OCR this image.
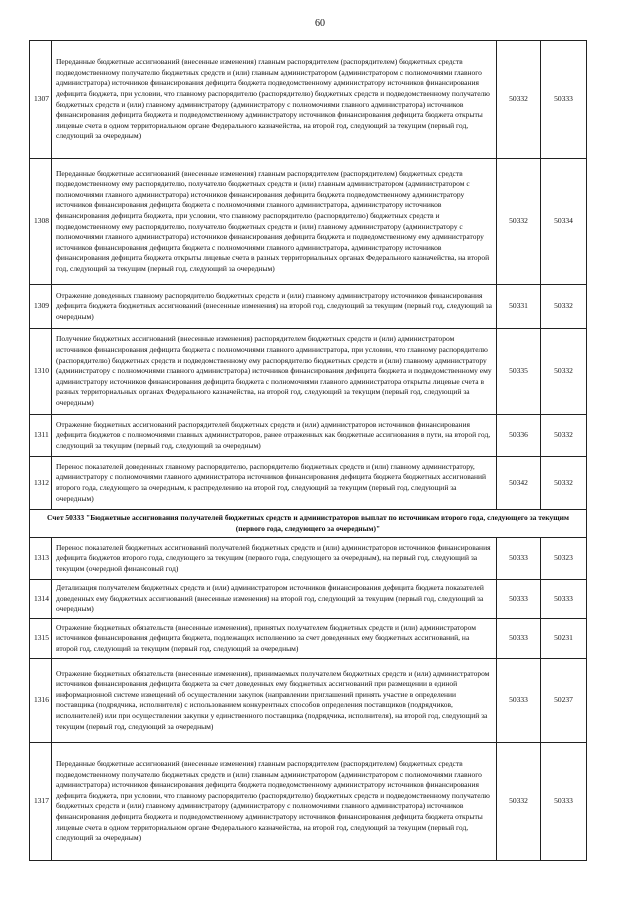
60
1307	Переданные бюджетные ассигнований (внесенные изменения) главным распорядителем (распорядителем) бюджетных средств подведомственному получателю бюджетных средств и (или) главным администратором (администратором с полномочиями главного администратора) источников финансирования дефицита бюджета подведомственному администратору источников финансирования дефицита бюджета, при условии, что главному распорядителю (распорядителю) бюджетных средств и подведомственному получателю бюджетных средств и (или) главному администратору (администратору с полномочиями главного администратора) источников финансирования дефицита бюджета и подведомственному администратору источников финансирования дефицита бюджета открыты лицевые счета в одном территориальном органе Федерального казначейства, на второй год, следующий за текущим (первый год, следующий за очередным)	50332	50333
1308	Переданные бюджетные ассигнований (внесенные изменения) главным распорядителем (распорядителем) бюджетных средств подведомственному ему распорядителю, получателю бюджетных средств и (или) главным администратором (администратором с полномочиями главного администратора) источников финансирования дефицита бюджета подведомственному администратору источников финансирования дефицита бюджета с полномочиями главного администратора, администратору источников финансирования дефицита бюджета, при условии, что главному распорядителю (распорядителю) бюджетных средств и подведомственному ему распорядителю, получателю бюджетных средств и (или) главному администратору (администратору с полномочиями главного администратора) источников финансирования дефицита бюджета и подведомственному ему администратору источников финансирования дефицита бюджета с полномочиями главного администратора, администратору источников финансирования дефицита бюджета открыты лицевые счета в разных территориальных органах Федерального казначейства, на второй год, следующий за текущим (первый год, следующий за очередным)	50332	50334
1309	Отражение доведенных главному распорядителю бюджетных средств и (или) главному администратору источников финансирования дефицита бюджета бюджетных ассигнований (внесенные изменения) на второй год, следующий за текущим (первый год, следующий за очередным)	50331	50332
1310	Получение бюджетных ассигнований (внесенные изменения) распорядителем бюджетных средств и (или) администратором источников финансирования дефицита бюджета с полномочиями главного администратора, при условии, что главному распорядителю (распорядителю) бюджетных средств и подведомственному ему распорядителю бюджетных средств и (или) главному администратору (администратору с полномочиями главного администратора) источников финансирования дефицита бюджета и подведомственному ему администратору источников финансирования дефицита бюджета с полномочиями главного администратора открыты лицевые счета в разных территориальных органах Федерального казначейства, на второй год, следующий за текущим (первый год, следующий за очередным)	50335	50332
1311	Отражение бюджетных ассигнований распорядителей бюджетных средств и (или) администраторов источников финансирования дефицита бюджетов с полномочиями главных администраторов, ранее отраженных как бюджетные ассигнования в пути, на второй год, следующий за текущим (первый год, следующий за очередным)	50336	50332
1312	Перенос показателей доведенных главному распорядителю, распорядителю бюджетных средств и (или) главному администратору, администратору с полномочиями главного администратора источников финансирования дефицита бюджета бюджетных ассигнований второго года, следующего за очередным, к распределению на второй год, следующий за текущим (первый год, следующий за очередным)	50342	50332
Счет 50333 "Бюджетные ассигнования получателей бюджетных средств и администраторов выплат по источникам второго года, следующего за текущим (первого года, следующего за очередным)"			
1313	Перенос показателей бюджетных ассигнований получателей бюджетных средств и (или) администраторов источников финансирования дефицита бюджетов второго года, следующего за текущим (первого года, следующего за очередным), на первый год, следующий за текущим (очередной финансовый год)	50333	50323
1314	Детализация получателем бюджетных средств и (или) администратором источников финансирования дефицита бюджета показателей доведенных ему бюджетных ассигнований (внесенные изменения) на второй год, следующий за текущим (первый год, следующий за очередным)	50333	50333
1315	Отражение бюджетных обязательств (внесенные изменения), принятых получателем бюджетных средств и (или) администратором источников финансирования дефицита бюджета, подлежащих исполнению за счет доведенных ему бюджетных ассигнований, на второй год, следующий за текущим (первый год, следующий за очередным)	50333	50231
1316	Отражение бюджетных обязательств (внесенные изменения), принимаемых получателем бюджетных средств и (или) администратором источников финансирования дефицита бюджета за счет доведенных ему бюджетных ассигнований при размещении в единой информационной системе извещений об осуществлении закупок (направлении приглашений принять участие в определении поставщика (подрядчика, исполнителя) с использованием конкурентных способов определения поставщиков (подрядчиков, исполнителей) или при осуществлении закупки у единственного поставщика (подрядчика, исполнителя), на второй год, следующий за текущим (первый год, следующий за очередным)	50333	50237
1317	Переданные бюджетные ассигнований (внесенные изменения) главным распорядителем (распорядителем) бюджетных средств подведомственному получателю бюджетных средств и (или) главным администратором (администратором с полномочиями главного администратора) источников финансирования дефицита бюджета подведомственному администратору источников финансирования дефицита бюджета, при условии, что главному распорядителю (распорядителю) бюджетных средств и подведомственному получателю бюджетных средств и (или) главному администратору (администратору с полномочиями главного администратора) источников финансирования дефицита бюджета и подведомственному администратору источников финансирования дефицита бюджета открыты лицевые счета в одном территориальном органе Федерального казначейства, на второй год, следующий за текущим (первый год, следующий за очередным)	50332	50333
